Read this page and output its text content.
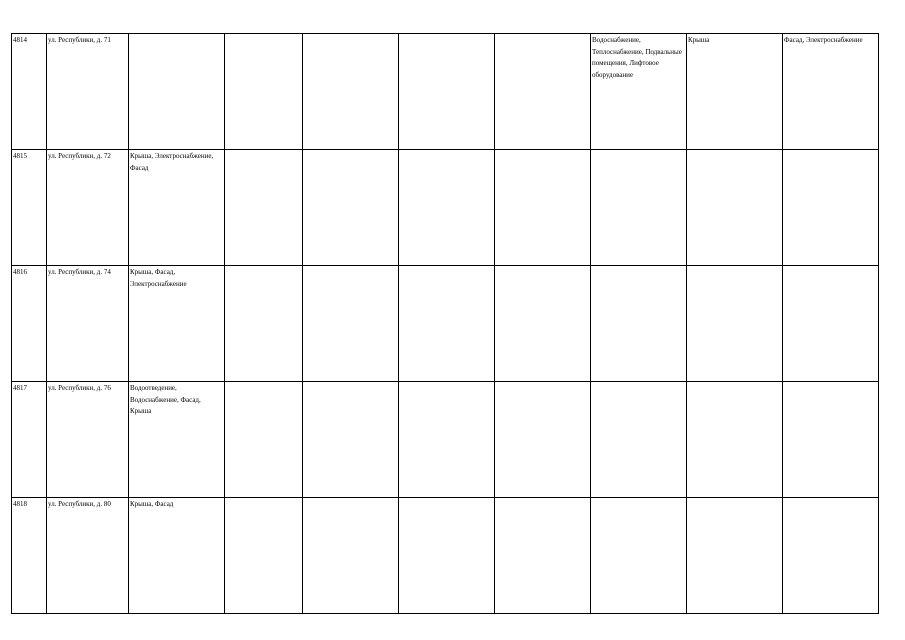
4814	ул. Республики, д. 71						Водоснабжение, Теплоснабжение, Подвальные помещения, Лифтовое оборудование	Крыша	Фасад, Электроснабжение
4815	ул. Республики, д. 72	Крыша, Электроснабжение, Фасад							
4816	ул. Республики, д. 74	Крыша, Фасад, Электроснабжение							
4817	ул. Республики, д. 76	Водоотведение, Водоснабжение, Фасад, Крыша							
4818	ул. Республики, д. 80	Крыша, Фасад							
